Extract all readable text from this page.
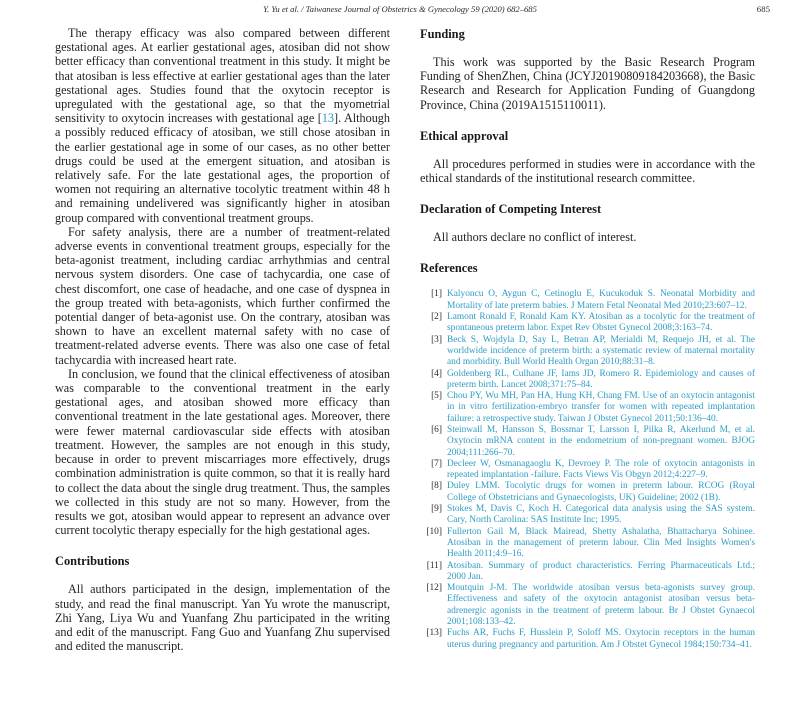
Y. Yu et al. / Taiwanese Journal of Obstetrics & Gynecology 59 (2020) 682–685	685

The therapy efficacy was also compared between different gestational ages. At earlier gestational ages, atosiban did not show better efficacy than conventional treatment in this study. It might be that atosiban is less effective at earlier gestational ages than the later gestational ages. Studies found that the oxytocin receptor is upregulated with the gestational age, so that the myometrial sensitivity to oxytocin increases with gestational age [13]. Although a possibly reduced efficacy of atosiban, we still chose atosiban in the earlier gestational age in some of our cases, as no other better drugs could be used at the emergent situation, and atosiban is relatively safe. For the late gestational ages, the proportion of women not requiring an alternative tocolytic treatment within 48 h and remaining undelivered was significantly higher in atosiban group compared with conventional treatment groups.

For safety analysis, there are a number of treatment-related adverse events in conventional treatment groups, especially for the beta-agonist treatment, including cardiac arrhythmias and central nervous system disorders. One case of tachycardia, one case of chest discomfort, one case of headache, and one case of dyspnea in the group treated with beta-agonists, which further confirmed the potential danger of beta-agonist use. On the contrary, atosiban was shown to have an excellent maternal safety with no case of treatment-related adverse events. There was also one case of fetal tachycardia with increased heart rate.

In conclusion, we found that the clinical effectiveness of atosiban was comparable to the conventional treatment in the early gestational ages, and atosiban showed more efficacy than conventional treatment in the late gestational ages. Moreover, there were fewer maternal cardiovascular side effects with atosiban treatment. However, the samples are not enough in this study, because in order to prevent miscarriages more effectively, drugs combination administration is quite common, so that it is really hard to collect the data about the single drug treatment. Thus, the samples we collected in this study are not so many. However, from the results we got, atosiban would appear to represent an advance over current tocolytic therapy especially for the high gestational ages.

Contributions

All authors participated in the design, implementation of the study, and read the final manuscript. Yan Yu wrote the manuscript, Zhi Yang, Liya Wu and Yuanfang Zhu participated in the writing and edit of the manuscript. Fang Guo and Yuanfang Zhu supervised and edited the manuscript.

Funding

This work was supported by the Basic Research Program Funding of ShenZhen, China (JCYJ20190809184203668), the Basic Research and Research for Application Funding of Guangdong Province, China (2019A1515110011).

Ethical approval

All procedures performed in studies were in accordance with the ethical standards of the institutional research committee.

Declaration of Competing Interest

All authors declare no conflict of interest.

References
[1] Kalyoncu O, Aygun C, Cetinoglu E, Kucukoduk S. Neonatal Morbidity and Mortality of late preterm babies. J Matern Fetal Neonatal Med 2010;23:607–12.
[2] Lamont Ronald F, Ronald Kam KY. Atosiban as a tocolytic for the treatment of spontaneous preterm labor. Expet Rev Obstet Gynecol 2008;3:163–74.
[3] Beck S, Wojdyla D, Say L, Betran AP, Merialdi M, Requejo JH, et al. The worldwide incidence of preterm birth: a systematic review of maternal mortality and morbidity. Bull World Health Organ 2010;88:31–8.
[4] Goldenberg RL, Culhane JF, Iams JD, Romero R. Epidemiology and causes of preterm birth. Lancet 2008;371:75–84.
[5] Chou PY, Wu MH, Pan HA, Hung KH, Chang FM. Use of an oxytocin antagonist in in vitro fertilization-embryo transfer for women with repeated implantation failure: a retrospective study. Taiwan J Obstet Gynecol 2011;50:136–40.
[6] Steinwall M, Hansson S, Bossmar T, Larsson I, Pilka R, Akerlund M, et al. Oxytocin mRNA content in the endometrium of non-pregnant women. BJOG 2004;111:266–70.
[7] Decleer W, Osmanagaoglu K, Devroey P. The role of oxytocin antagonists in repeated implantation -failure. Facts Views Vis Obgyn 2012;4:227–9.
[8] Duley LMM. Tocolytic drugs for women in preterm labour. RCOG (Royal College of Obstetricians and Gynaecologists, UK) Guideline; 2002 (1B).
[9] Stokes M, Davis C, Koch H. Categorical data analysis using the SAS system. Cary, North Carolina: SAS Institute Inc; 1995.
[10] Fullerton Gail M, Black Mairead, Shetty Ashalatha, Bhattacharya Sohinee. Atosiban in the management of preterm labour. Clin Med Insights Women's Health 2011;4:9–16.
[11] Atosiban. Summary of product characteristics. Ferring Pharmaceuticals Ltd.; 2000 Jan.
[12] Moutquin J-M. The worldwide atosiban versus beta-agonists survey group. Effectiveness and safety of the oxytocin antagonist atosiban versus beta-adrenergic agonists in the treatment of preterm labour. Br J Obstet Gynaecol 2001;108:133–42.
[13] Fuchs AR, Fuchs F, Husslein P, Soloff MS. Oxytocin receptors in the human uterus during pregnancy and parturition. Am J Obstet Gynecol 1984;150:734–41.
